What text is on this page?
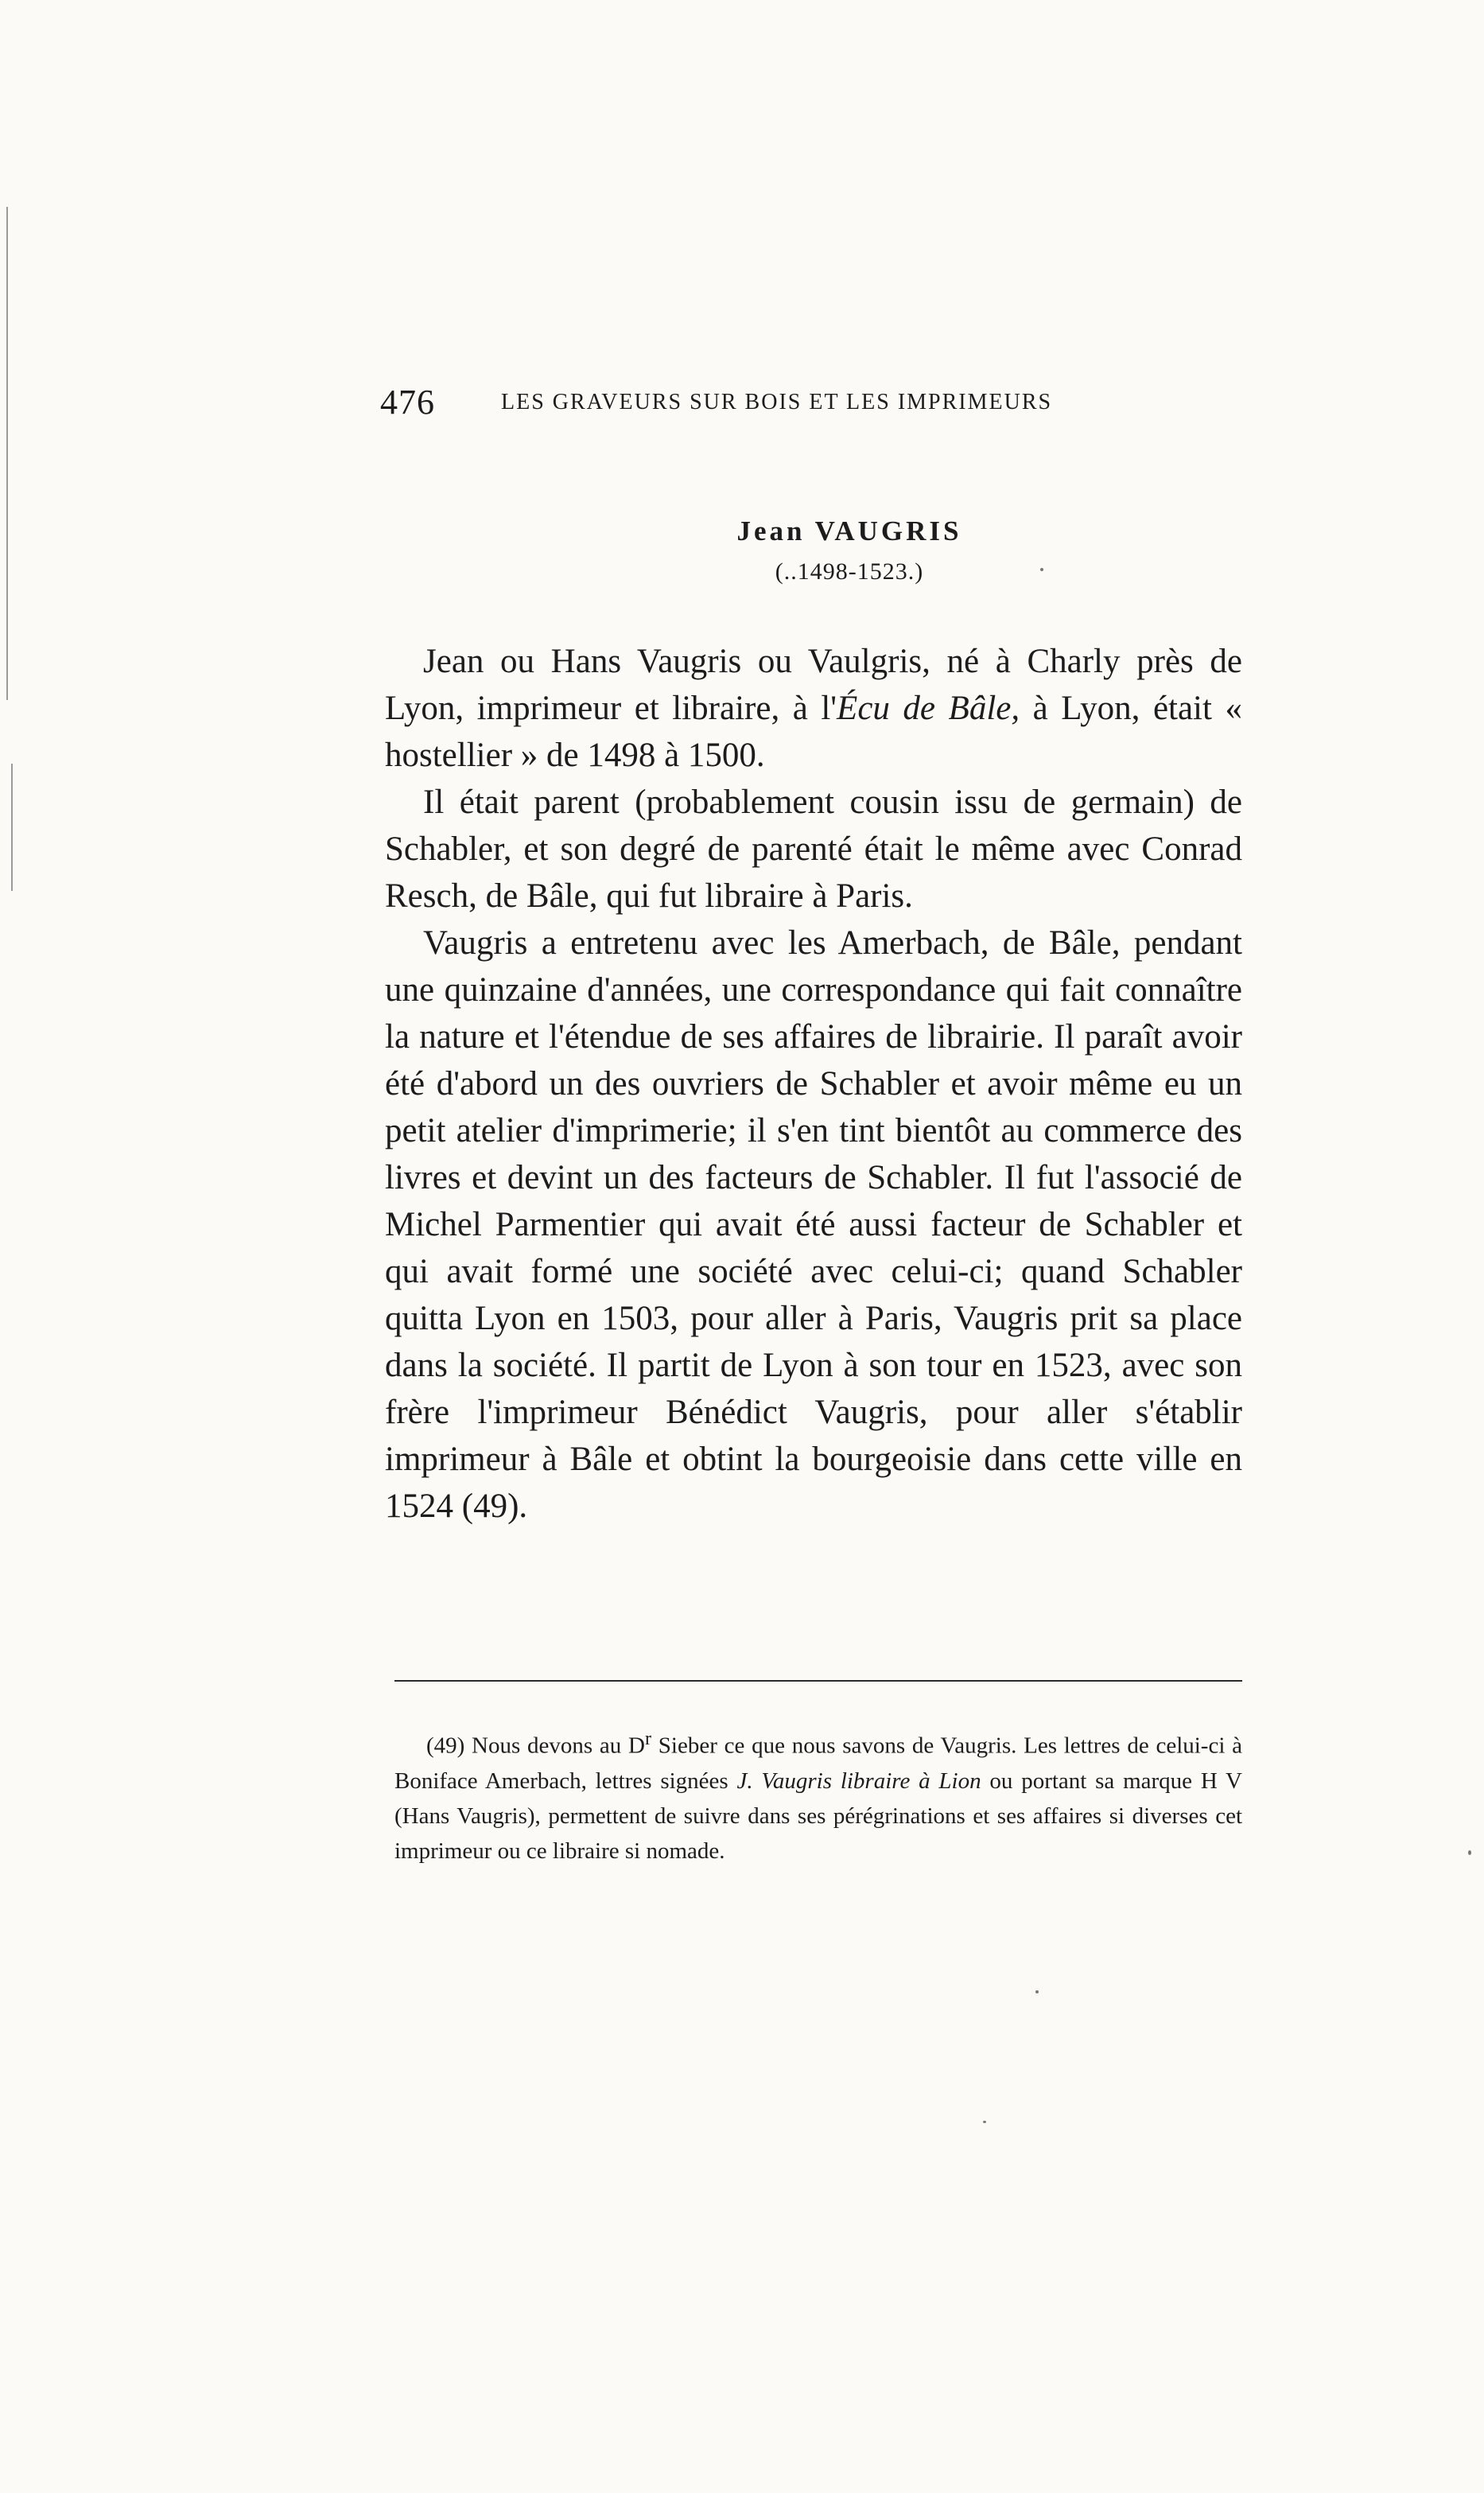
476	LES GRAVEURS SUR BOIS ET LES IMPRIMEURS
Jean VAUGRIS
(..1498-1523.)

Jean ou Hans Vaugris ou Vaulgris, né à Charly près de Lyon, imprimeur et libraire, à l'Écu de Bâle, à Lyon, était « hostellier » de 1498 à 1500.

Il était parent (probablement cousin issu de germain) de Schabler, et son degré de parenté était le même avec Conrad Resch, de Bâle, qui fut libraire à Paris.

Vaugris a entretenu avec les Amerbach, de Bâle, pendant une quinzaine d'années, une correspondance qui fait connaître la nature et l'étendue de ses affaires de librairie. Il paraît avoir été d'abord un des ouvriers de Schabler et avoir même eu un petit atelier d'imprimerie; il s'en tint bientôt au commerce des livres et devint un des facteurs de Schabler. Il fut l'associé de Michel Parmentier qui avait été aussi facteur de Schabler et qui avait formé une société avec celui-ci; quand Schabler quitta Lyon en 1503, pour aller à Paris, Vaugris prit sa place dans la société. Il partit de Lyon à son tour en 1523, avec son frère l'imprimeur Bénédict Vaugris, pour aller s'établir imprimeur à Bâle et obtint la bourgeoisie dans cette ville en 1524 (49).

(49) Nous devons au $D^r$ Sieber ce que nous savons de Vaugris. Les lettres de celui-ci à Boniface Amerbach, lettres signées J. Vaugris libraire à Lion ou portant sa marque H V (Hans Vaugris), permettent de suivre dans ses pérégrinations et ses affaires si diverses cet imprimeur ou ce libraire si nomade.
